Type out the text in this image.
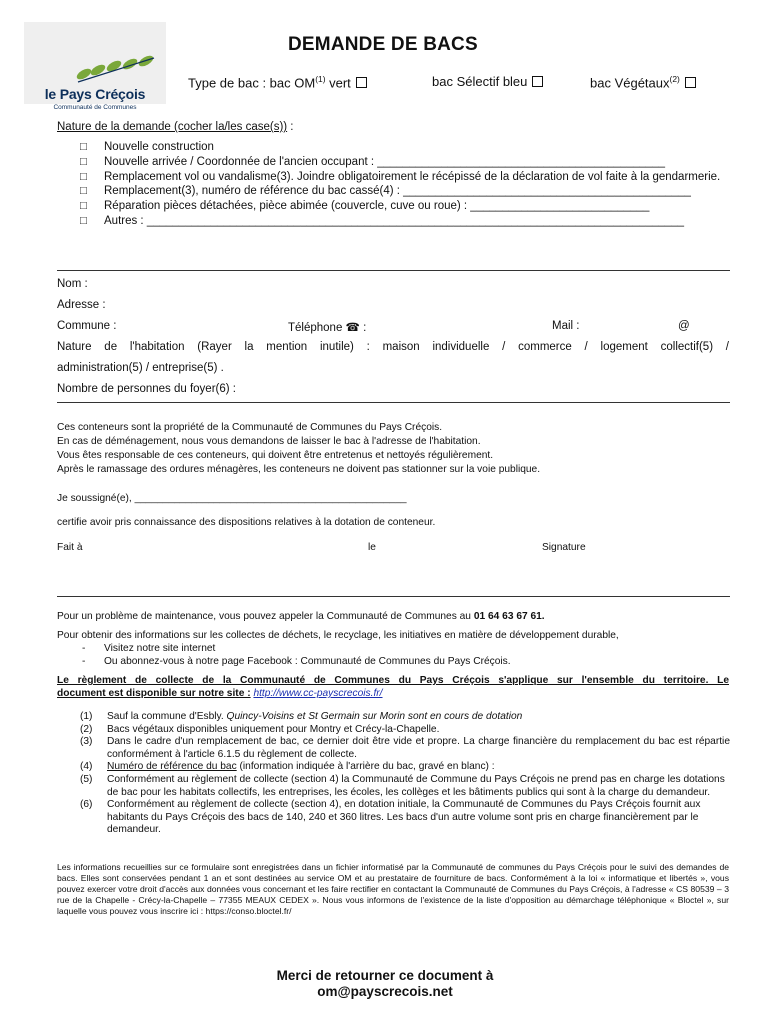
le Pays Créçois
Communauté de Communes
DEMANDE DE BACS
Type de bac : bac OM$^{(1)}$ vert	bac Sélectif bleu	bac Végétaux$^{(2)}$
Nature de la demande (cocher la/les case(s)) :
□	Nouvelle construction
□	Nouvelle arrivée / Coordonnée de l'ancien occupant : _____________________________________________
□	Remplacement vol ou vandalisme(3). Joindre obligatoirement le récépissé de la déclaration de vol faite à la gendarmerie.
□	Remplacement(3), numéro de référence du bac cassé(4) : _____________________________________________
□	Réparation pièces détachées, pièce abimée (couvercle, cuve ou roue) : ____________________________
□	Autres : ____________________________________________________________________________________
Nom :
Adresse :
Commune :	Téléphone ☎ :	Mail :	@
Nature de l'habitation (Rayer la mention inutile) : maison individuelle / commerce / logement collectif(5) /
administration(5) / entreprise(5) .
Nombre de personnes du foyer(6) :
Ces conteneurs sont la propriété de la Communauté de Communes du Pays Créçois.
En cas de déménagement, nous vous demandons de laisser le bac à l'adresse de l'habitation.
Vous êtes responsable de ces conteneurs, qui doivent être entretenus et nettoyés régulièrement.
Après le ramassage des ordures ménagères, les conteneurs ne doivent pas stationner sur la voie publique.
Je soussigné(e), ________________________________________________
certifie avoir pris connaissance des dispositions relatives à la dotation de conteneur.
Fait à	le	Signature
Pour un problème de maintenance, vous pouvez appeler la Communauté de Communes au 01 64 63 67 61.
Pour obtenir des informations sur les collectes de déchets, le recyclage, les initiatives en matière de développement durable,
- Visitez notre site internet
- Ou abonnez-vous à notre page Facebook : Communauté de Communes du Pays Créçois.
Le règlement de collecte de la Communauté de Communes du Pays Créçois s'applique sur l'ensemble du territoire. Le
document est disponible sur notre site : http://www.cc-payscrecois.fr/
(1)	Sauf la commune d'Esbly. Quincy-Voisins et St Germain sur Morin sont en cours de dotation
(2)	Bacs végétaux disponibles uniquement pour Montry et Crécy-la-Chapelle.
(3)	Dans le cadre d'un remplacement de bac, ce dernier doit être vide et propre. La charge financière du remplacement du bac est répartie conformément à l'article 6.1.5 du règlement de collecte.
(4)	Numéro de référence du bac (information indiquée à l'arrière du bac, gravé en blanc) :
(5)	Conformément au règlement de collecte (section 4) la Communauté de Commune du Pays Créçois ne prend pas en charge les dotations de bac pour les habitats collectifs, les entreprises, les écoles, les collèges et les bâtiments publics qui sont à la charge du demandeur.
(6)	Conformément au règlement de collecte (section 4), en dotation initiale, la Communauté de Communes du Pays Créçois fournit aux habitants du Pays Créçois des bacs de 140, 240 et 360 litres. Les bacs d'un autre volume sont pris en charge financièrement par le demandeur.
Les informations recueillies sur ce formulaire sont enregistrées dans un fichier informatisé par la Communauté de communes du Pays Créçois pour le suivi des demandes de bacs. Elles sont conservées pendant 1 an et sont destinées au service OM et au prestataire de fourniture de bacs. Conformément à la loi « informatique et libertés », vous pouvez exercer votre droit d'accès aux données vous concernant et les faire rectifier en contactant la Communauté de Communes du Pays Créçois, à l'adresse « CS 80539 – 3 rue de la Chapelle - Crécy-la-Chapelle – 77355 MEAUX CEDEX ». Nous vous informons de l'existence de la liste d'opposition au démarchage téléphonique « Bloctel », sur laquelle vous pouvez vous inscrire ici : https://conso.bloctel.fr/
Merci de retourner ce document à
om@payscrecois.net
